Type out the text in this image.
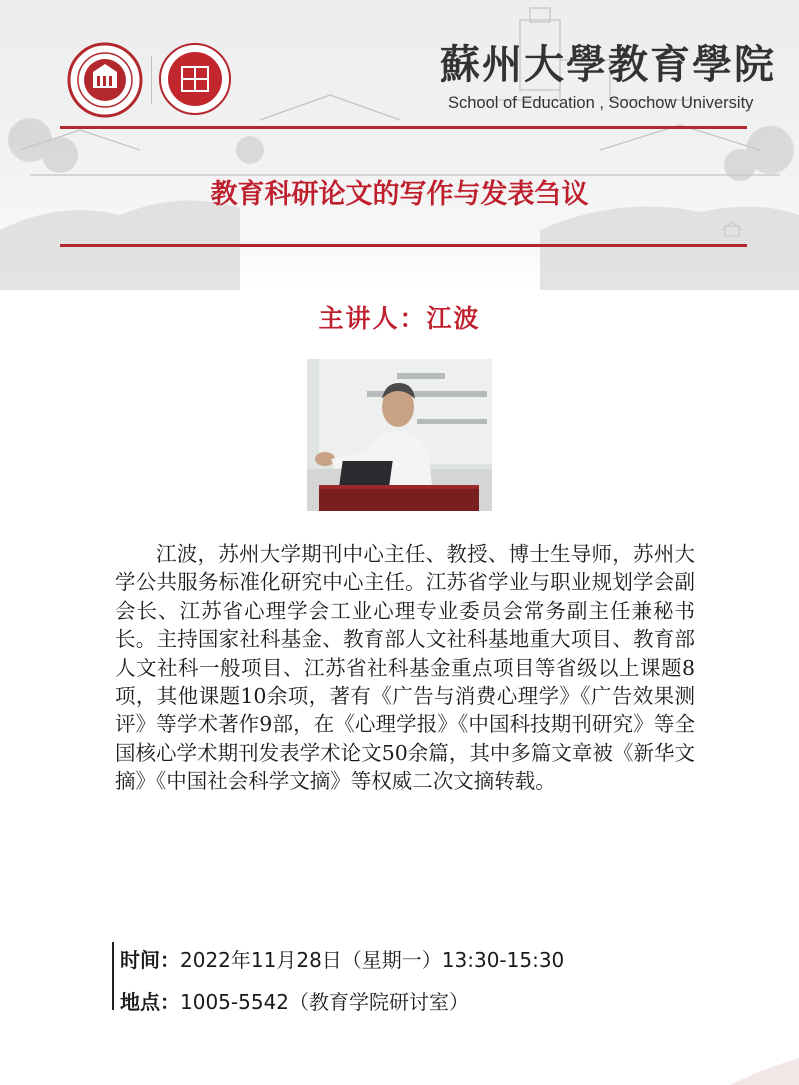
蘇州大學教育學院
School of Education , Soochow University
教育科研论文的写作与发表刍议
主讲人：江波

江波，苏州大学期刊中心主任、教授、博士生导师，苏州大学公共服务标准化研究中心主任。江苏省学业与职业规划学会副会长、江苏省心理学会工业心理专业委员会常务副主任兼秘书长。主持国家社科基金、教育部人文社科基地重大项目、教育部人文社科一般项目、江苏省社科基金重点项目等省级以上课题8项，其他课题10余项，著有《广告与消费心理学》《广告效果测评》等学术著作9部，在《心理学报》《中国科技期刊研究》等全国核心学术期刊发表学术论文50余篇，其中多篇文章被《新华文摘》《中国社会科学文摘》等权威二次文摘转载。

时间：2022年11月28日（星期一）13:30-15:30
地点：1005-5542（教育学院研讨室）
